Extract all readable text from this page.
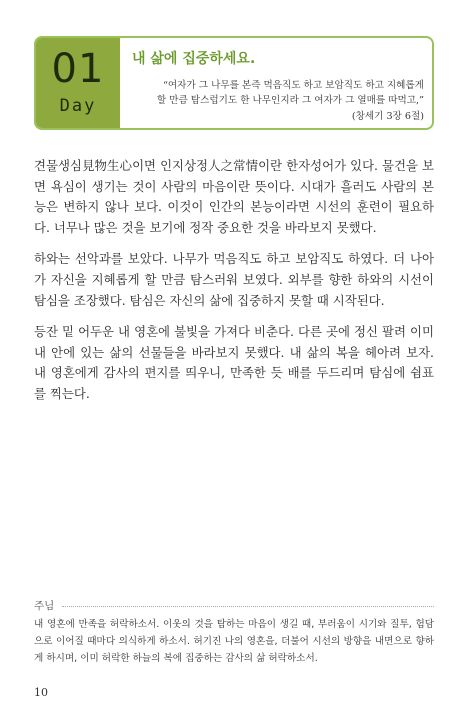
01
Day
내 삶에 집중하세요.
“여자가 그 나무를 본즉 먹음직도 하고 보암직도 하고 지혜롭게
할 만큼 탐스럽기도 한 나무인지라 그 여자가 그 열매를 따먹고,”
(창세기 3장 6절)

견물생심見物生心이면 인지상정人之常情이란 한자성어가 있다. 물건을 보면 욕심이 생기는 것이 사람의 마음이란 뜻이다. 시대가 흘러도 사람의 본능은 변하지 않나 보다. 이것이 인간의 본능이라면 시선의 훈련이 필요하다. 너무나 많은 것을 보기에 정작 중요한 것을 바라보지 못했다.

하와는 선악과를 보았다. 나무가 먹음직도 하고 보암직도 하였다. 더 나아가 자신을 지혜롭게 할 만큼 탐스러워 보였다. 외부를 향한 하와의 시선이 탐심을 조장했다. 탐심은 자신의 삶에 집중하지 못할 때 시작된다.

등잔 밑 어두운 내 영혼에 불빛을 가져다 비춘다. 다른 곳에 정신 팔려 이미 내 안에 있는 삶의 선물들을 바라보지 못했다. 내 삶의 복을 헤아려 보자. 내 영혼에게 감사의 편지를 띄우니, 만족한 듯 배를 두드리며 탐심에 쉼표를 찍는다.

주님
내 영혼에 만족을 허락하소서. 이웃의 것을 탐하는 마음이 생길 때, 부러움이 시기와 질투, 험담으로 이어질 때마다 의식하게 하소서. 허기진 나의 영혼을, 더불어 시선의 방향을 내면으로 향하게 하시며, 이미 허락한 하늘의 복에 집중하는 감사의 삶 허락하소서.
10
